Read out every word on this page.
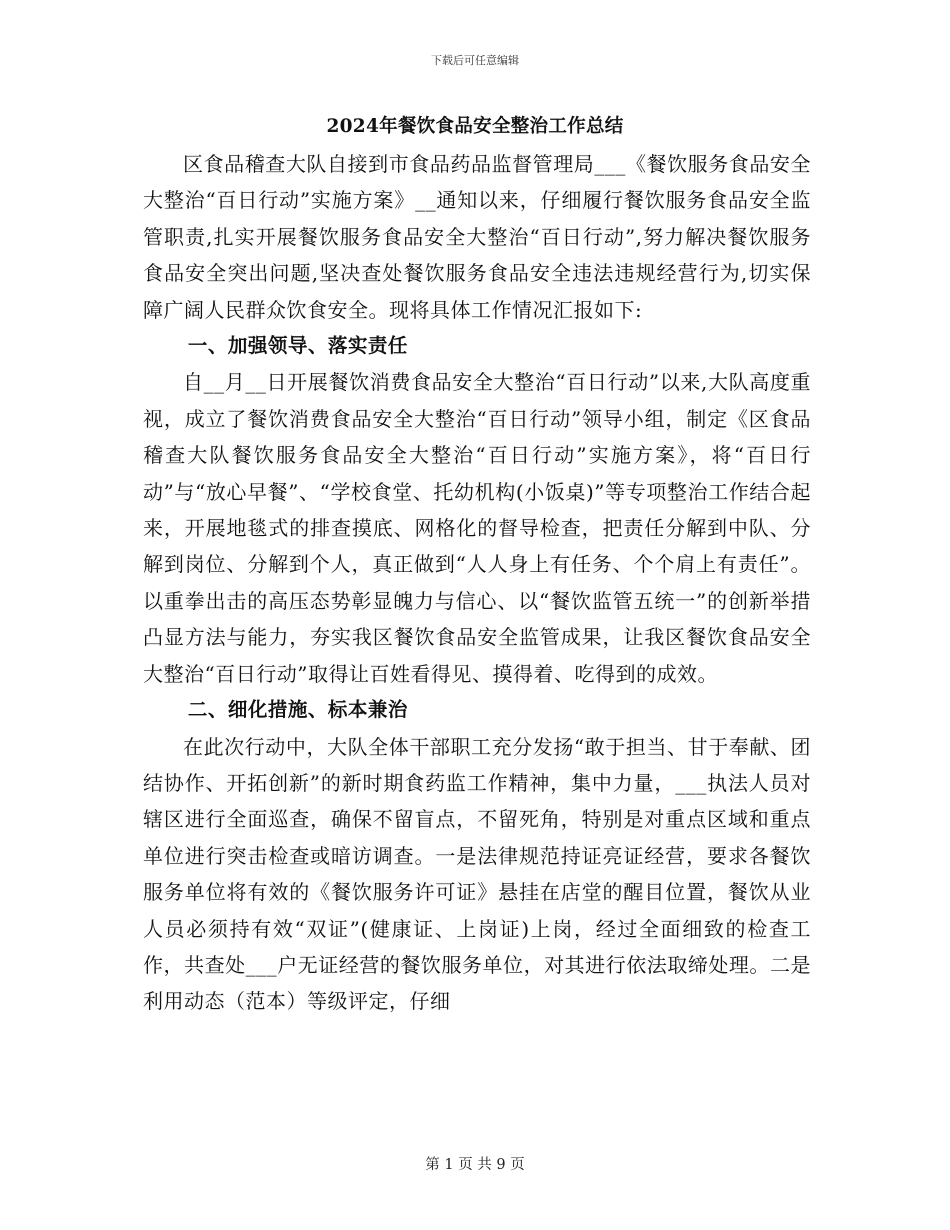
下载后可任意编辑
2024年餐饮食品安全整治工作总结

区食品稽查大队自接到市食品药品监督管理局___《餐饮服务食品安全大整治“百日行动”实施方案》__通知以来，仔细履行餐饮服务食品安全监管职责,扎实开展餐饮服务食品安全大整治“百日行动”,努力解决餐饮服务食品安全突出问题,坚决查处餐饮服务食品安全违法违规经营行为,切实保障广阔人民群众饮食安全。现将具体工作情况汇报如下:

一、加强领导、落实责任

自__月__日开展餐饮消费食品安全大整治“百日行动”以来,大队高度重视，成立了餐饮消费食品安全大整治“百日行动”领导小组，制定《区食品稽查大队餐饮服务食品安全大整治“百日行动”实施方案》，将“百日行动”与“放心早餐”、“学校食堂、托幼机构(小饭桌)”等专项整治工作结合起来，开展地毯式的排查摸底、网格化的督导检查，把责任分解到中队、分解到岗位、分解到个人，真正做到“人人身上有任务、个个肩上有责任”。以重拳出击的高压态势彰显魄力与信心、以“餐饮监管五统一”的创新举措凸显方法与能力，夯实我区餐饮食品安全监管成果，让我区餐饮食品安全大整治“百日行动”取得让百姓看得见、摸得着、吃得到的成效。

二、细化措施、标本兼治

在此次行动中，大队全体干部职工充分发扬“敢于担当、甘于奉献、团结协作、开拓创新”的新时期食药监工作精神，集中力量，___执法人员对辖区进行全面巡查，确保不留盲点，不留死角，特别是对重点区域和重点单位进行突击检查或暗访调查。一是法律规范持证亮证经营，要求各餐饮服务单位将有效的《餐饮服务许可证》悬挂在店堂的醒目位置，餐饮从业人员必须持有效“双证”(健康证、上岗证)上岗，经过全面细致的检查工作，共查处___户无证经营的餐饮服务单位，对其进行依法取缔处理。二是利用动态（范本）等级评定，仔细

第 1 页 共 9 页
